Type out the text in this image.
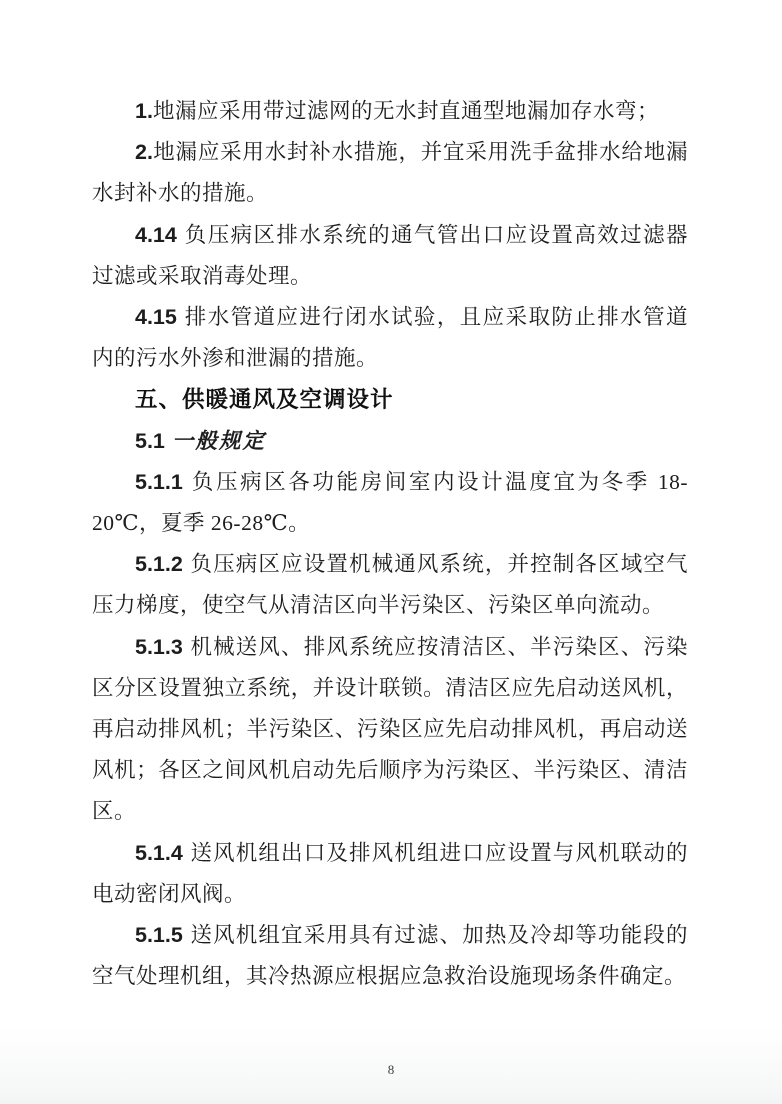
1.地漏应采用带过滤网的无水封直通型地漏加存水弯；

2.地漏应采用水封补水措施，并宜采用洗手盆排水给地漏水封补水的措施。

4.14 负压病区排水系统的通气管出口应设置高效过滤器过滤或采取消毒处理。

4.15 排水管道应进行闭水试验，且应采取防止排水管道内的污水外渗和泄漏的措施。

五、供暖通风及空调设计

5.1 一般规定

5.1.1 负压病区各功能房间室内设计温度宜为冬季 18-20℃，夏季 26-28℃。

5.1.2 负压病区应设置机械通风系统，并控制各区域空气压力梯度，使空气从清洁区向半污染区、污染区单向流动。

5.1.3 机械送风、排风系统应按清洁区、半污染区、污染区分区设置独立系统，并设计联锁。清洁区应先启动送风机，再启动排风机；半污染区、污染区应先启动排风机，再启动送风机；各区之间风机启动先后顺序为污染区、半污染区、清洁区。

5.1.4 送风机组出口及排风机组进口应设置与风机联动的电动密闭风阀。

5.1.5 送风机组宜采用具有过滤、加热及冷却等功能段的空气处理机组，其冷热源应根据应急救治设施现场条件确定。

8
